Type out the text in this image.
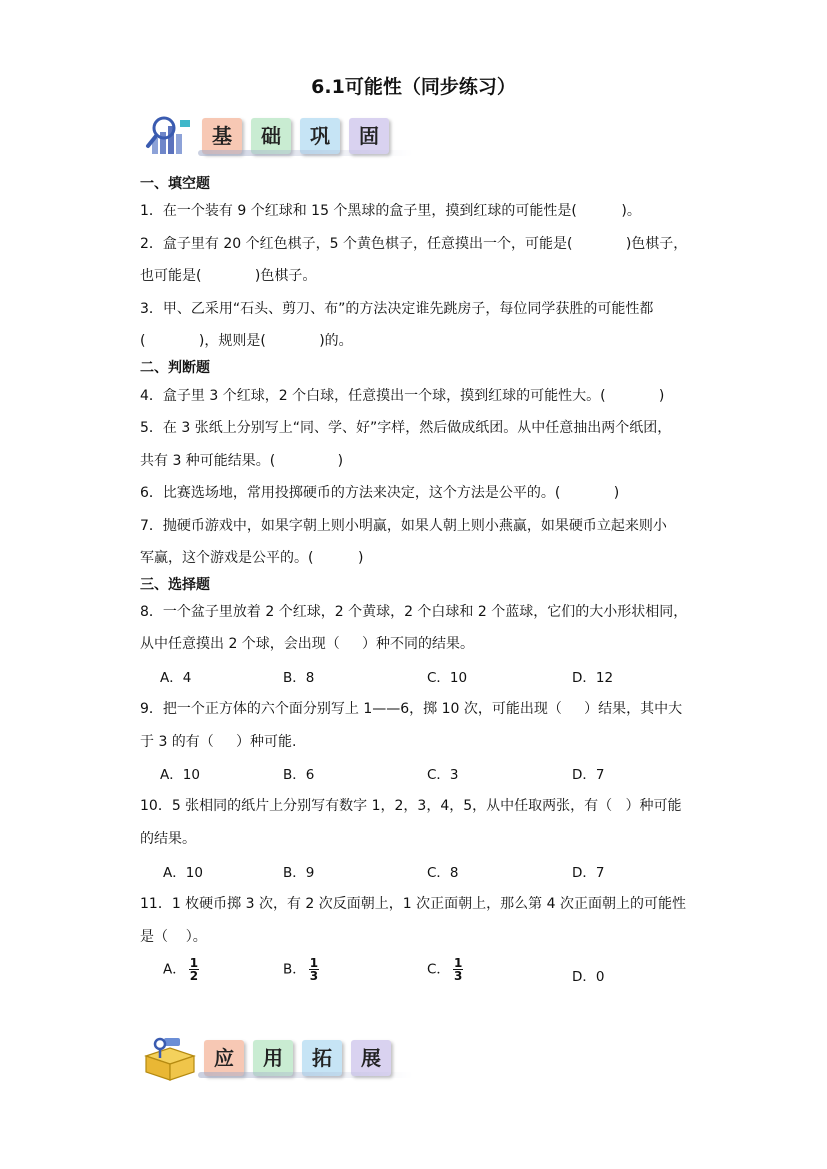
6.1可能性（同步练习）
基	础	巩	固
一、填空题
1．在一个装有 9 个红球和 15 个黑球的盒子里，摸到红球的可能性是(          )。
2．盒子里有 20 个红色棋子，5 个黄色棋子，任意摸出一个，可能是(            )色棋子，
也可能是(            )色棋子。
3．甲、乙采用“石头、剪刀、布”的方法决定谁先跳房子，每位同学获胜的可能性都
(            )，规则是(            )的。
二、判断题
4．盒子里 3 个红球，2 个白球，任意摸出一个球，摸到红球的可能性大。(            )
5．在 3 张纸上分别写上“同、学、好”字样，然后做成纸团。从中任意抽出两个纸团，
共有 3 种可能结果。(              )
6．比赛选场地，常用投掷硬币的方法来决定，这个方法是公平的。(            )
7．抛硬币游戏中，如果字朝上则小明赢，如果人朝上则小燕赢，如果硬币立起来则小
军赢，这个游戏是公平的。(          )
三、选择题
8．一个盆子里放着 2 个红球，2 个黄球，2 个白球和 2 个蓝球，它们的大小形状相同，
从中任意摸出 2 个球，会出现（     ）种不同的结果。
A．4	B．8	C．10	D．12
9．把一个正方体的六个面分别写上 1——6，掷 10 次，可能出现（     ）结果，其中大
于 3 的有（     ）种可能.
A．10	B．6	C．3	D．7
10．5 张相同的纸片上分别写有数字 1，2，3，4，5，从中任取两张，有（   ）种可能
的结果。
A．10	B．9	C．8	D．7
11．1 枚硬币掷 3 次，有 2 次反面朝上，1 次正面朝上，那么第 4 次正面朝上的可能性
是（    ）。
A． $\frac{1}{2}$	B． $\frac{1}{3}$	C． $\frac{1}{3}$	D．0
应	用	拓	展
